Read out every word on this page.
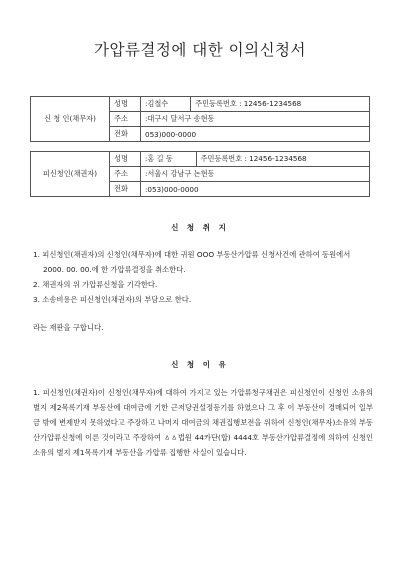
가압류결정에 대한 이의신청서
신 청 인(채무자)	성명	:김철수	주민등록번호 : 12456-1234568
	주소	:대구시 달서구 송현동	
	전화	053)000-0000	
피신청인(채권자)	성명	:홍 길 동	주민등록번호 : 12456-1234568
	주소	:서울시 강남구 논현동	
	전화	:053)000-0000	
신 청 취 지
1. 피신청인(채권자)의 신청인(채무자)에 대한 귀원 OOO 부동산가압류 신청사건에 관하여 동원에서 2000. 00. 00.에 한 가압류결정을 취소한다.
2. 채권자의 위 가압류신청을 기각한다.
3. 소송비용은 피신청인(채권자)의 부담으로 한다.
라는 재판을 구합니다.
신 청 이 유
1. 피신청인(채권자)이 신청인(채무자)에 대하여 가지고 있는 가압류청구채권은 피신청인이 신청인 소유의 별지 제2목록기재 부동산에 대여금에 기한 근저당권설정등기를 하였으나 그 후 이 부동산이 경매되어 일부금 밖에 변제받지 못하였다고 주장하고 나머지 대여금의 채권집행보전을 위하여 신청인(채무자)소유의 부동산가압류신청에 이른 것이라고 주장하여 ㅿㅿ법원 44카단(합) 4444호 부동산가압류결정에 의하여 신청인소유의 별지 제1목록기재 부동산을 가압류 집행한 사실이 있습니다.
